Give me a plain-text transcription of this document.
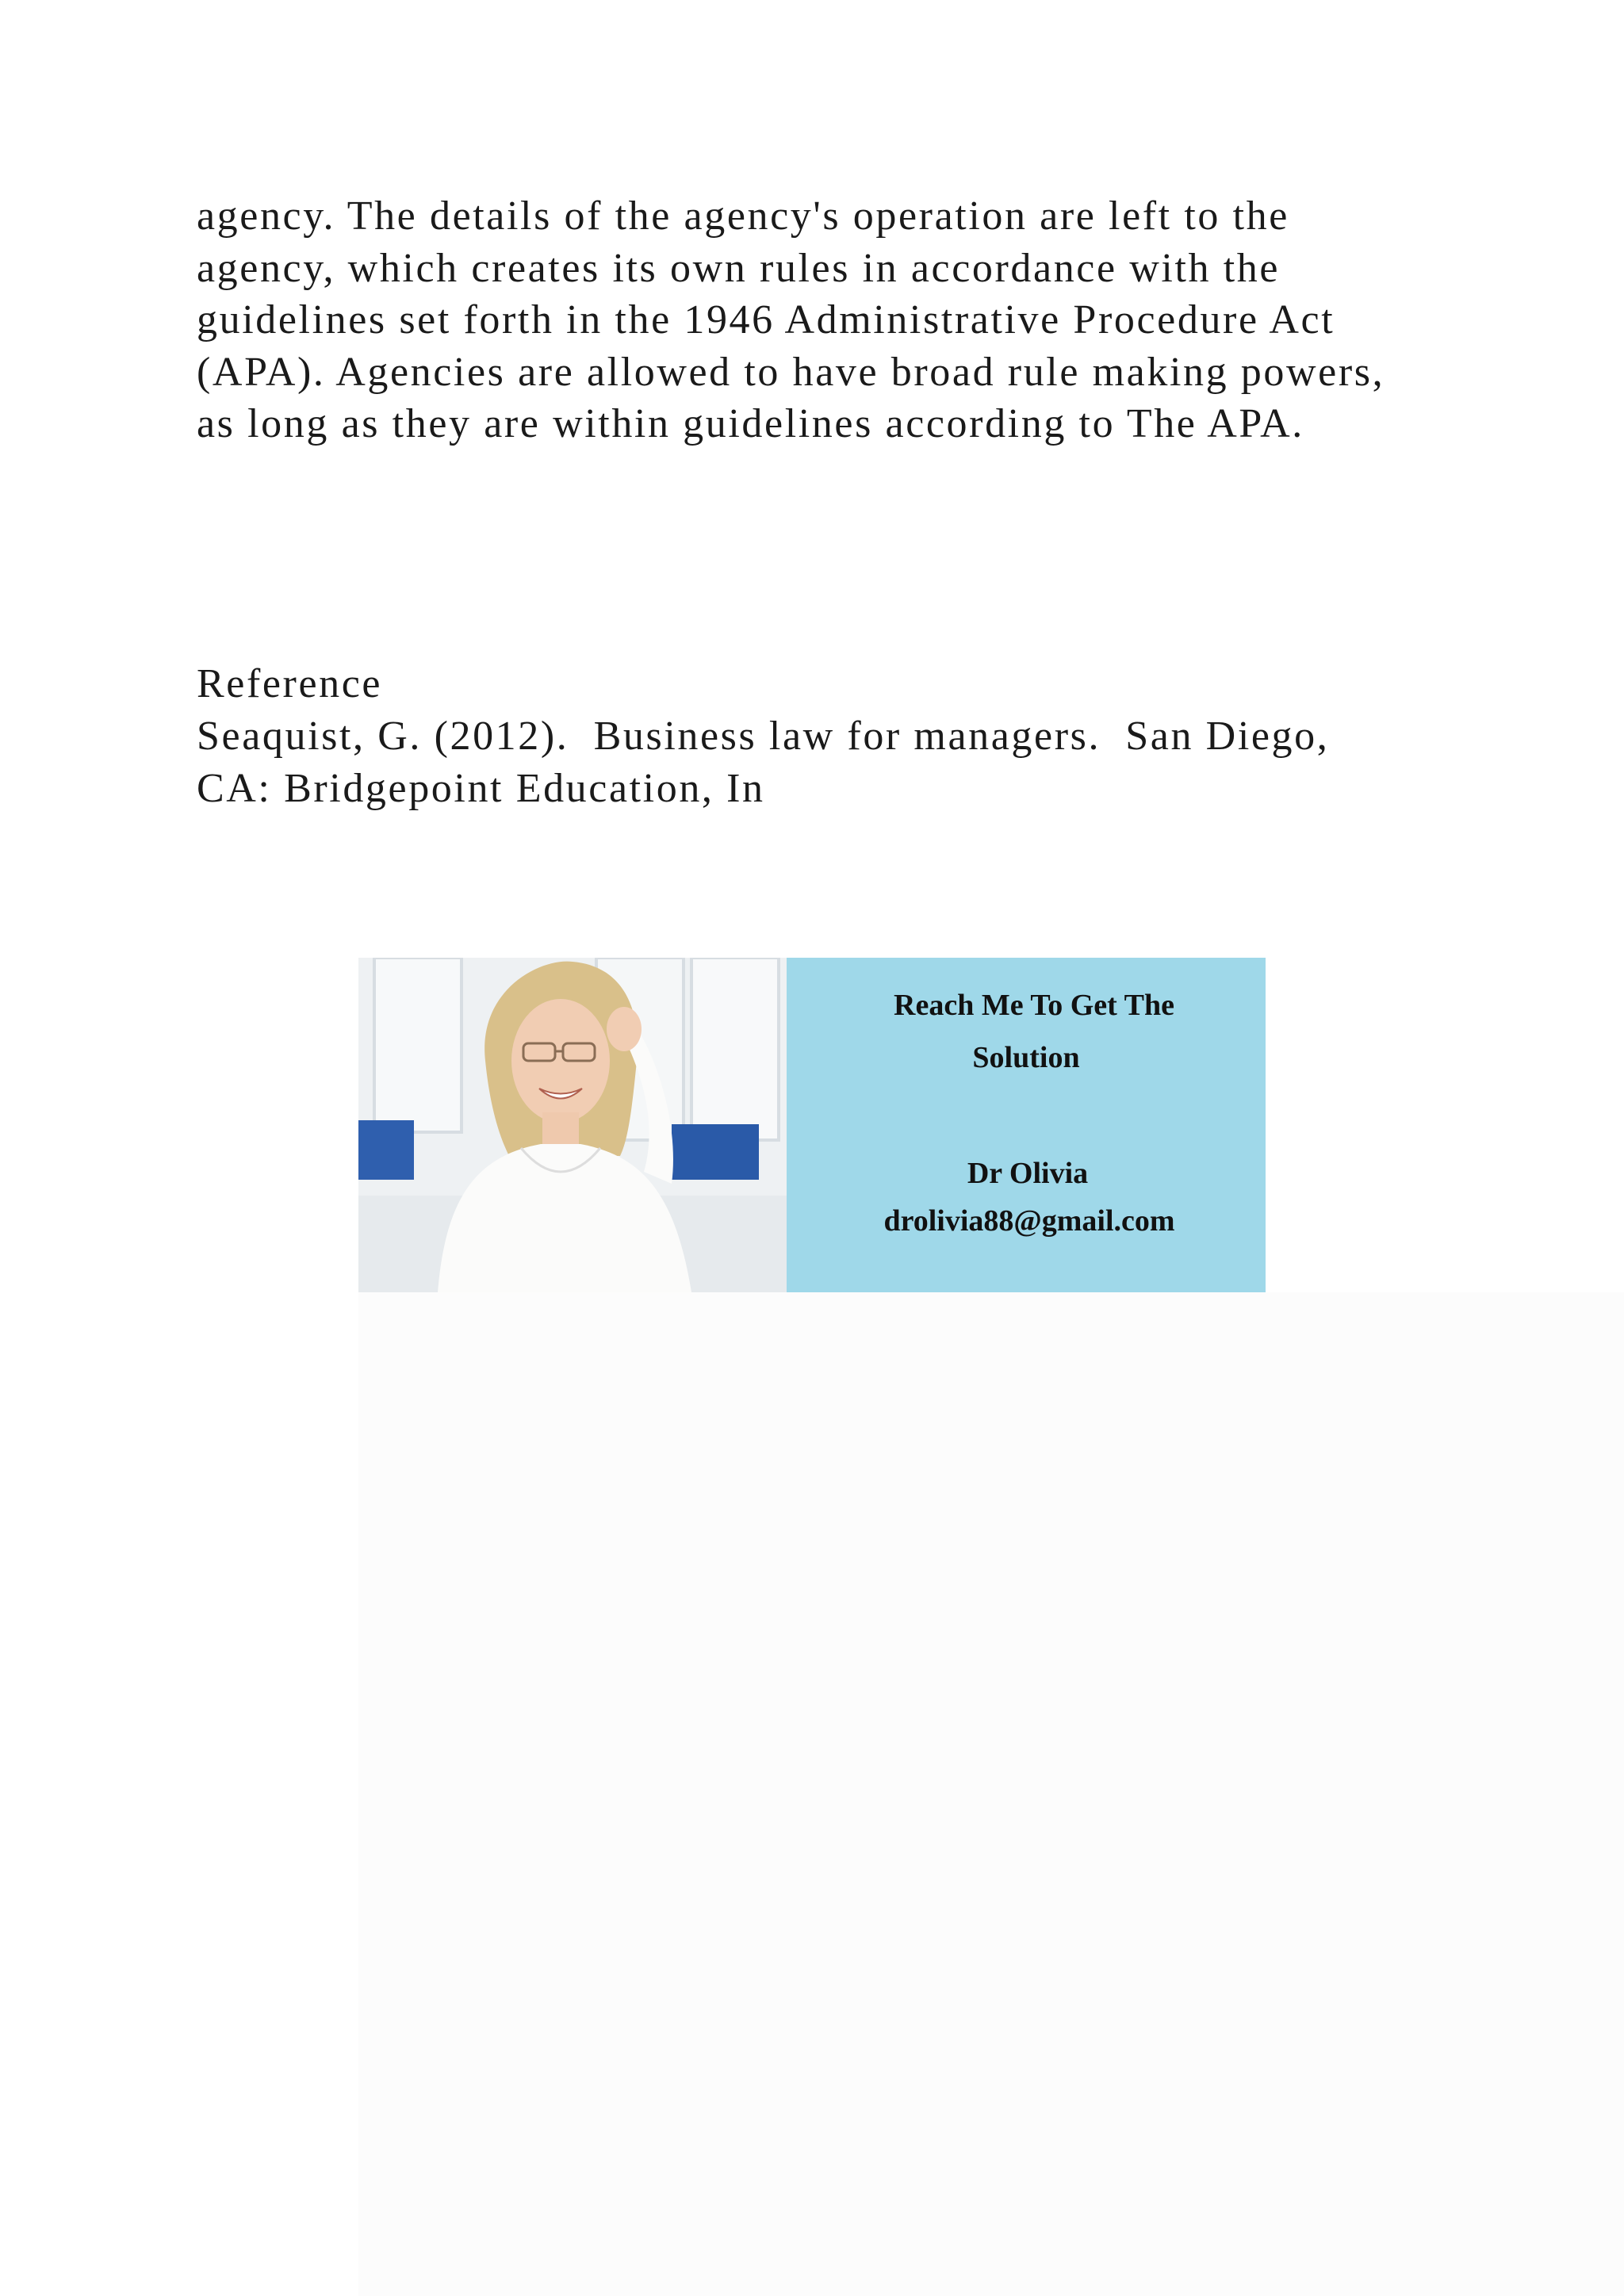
agency. The details of the agency's operation are left to the
agency, which creates its own rules in accordance with the
guidelines set forth in the 1946 Administrative Procedure Act
(APA). Agencies are allowed to have broad rule making powers,
as long as they are within guidelines according to The APA.

Reference

Seaquist, G. (2012).  Business law for managers.  San Diego,
CA: Bridgepoint Education, In

Reach Me To Get The
Solution
Dr Olivia
drolivia88@gmail.com
